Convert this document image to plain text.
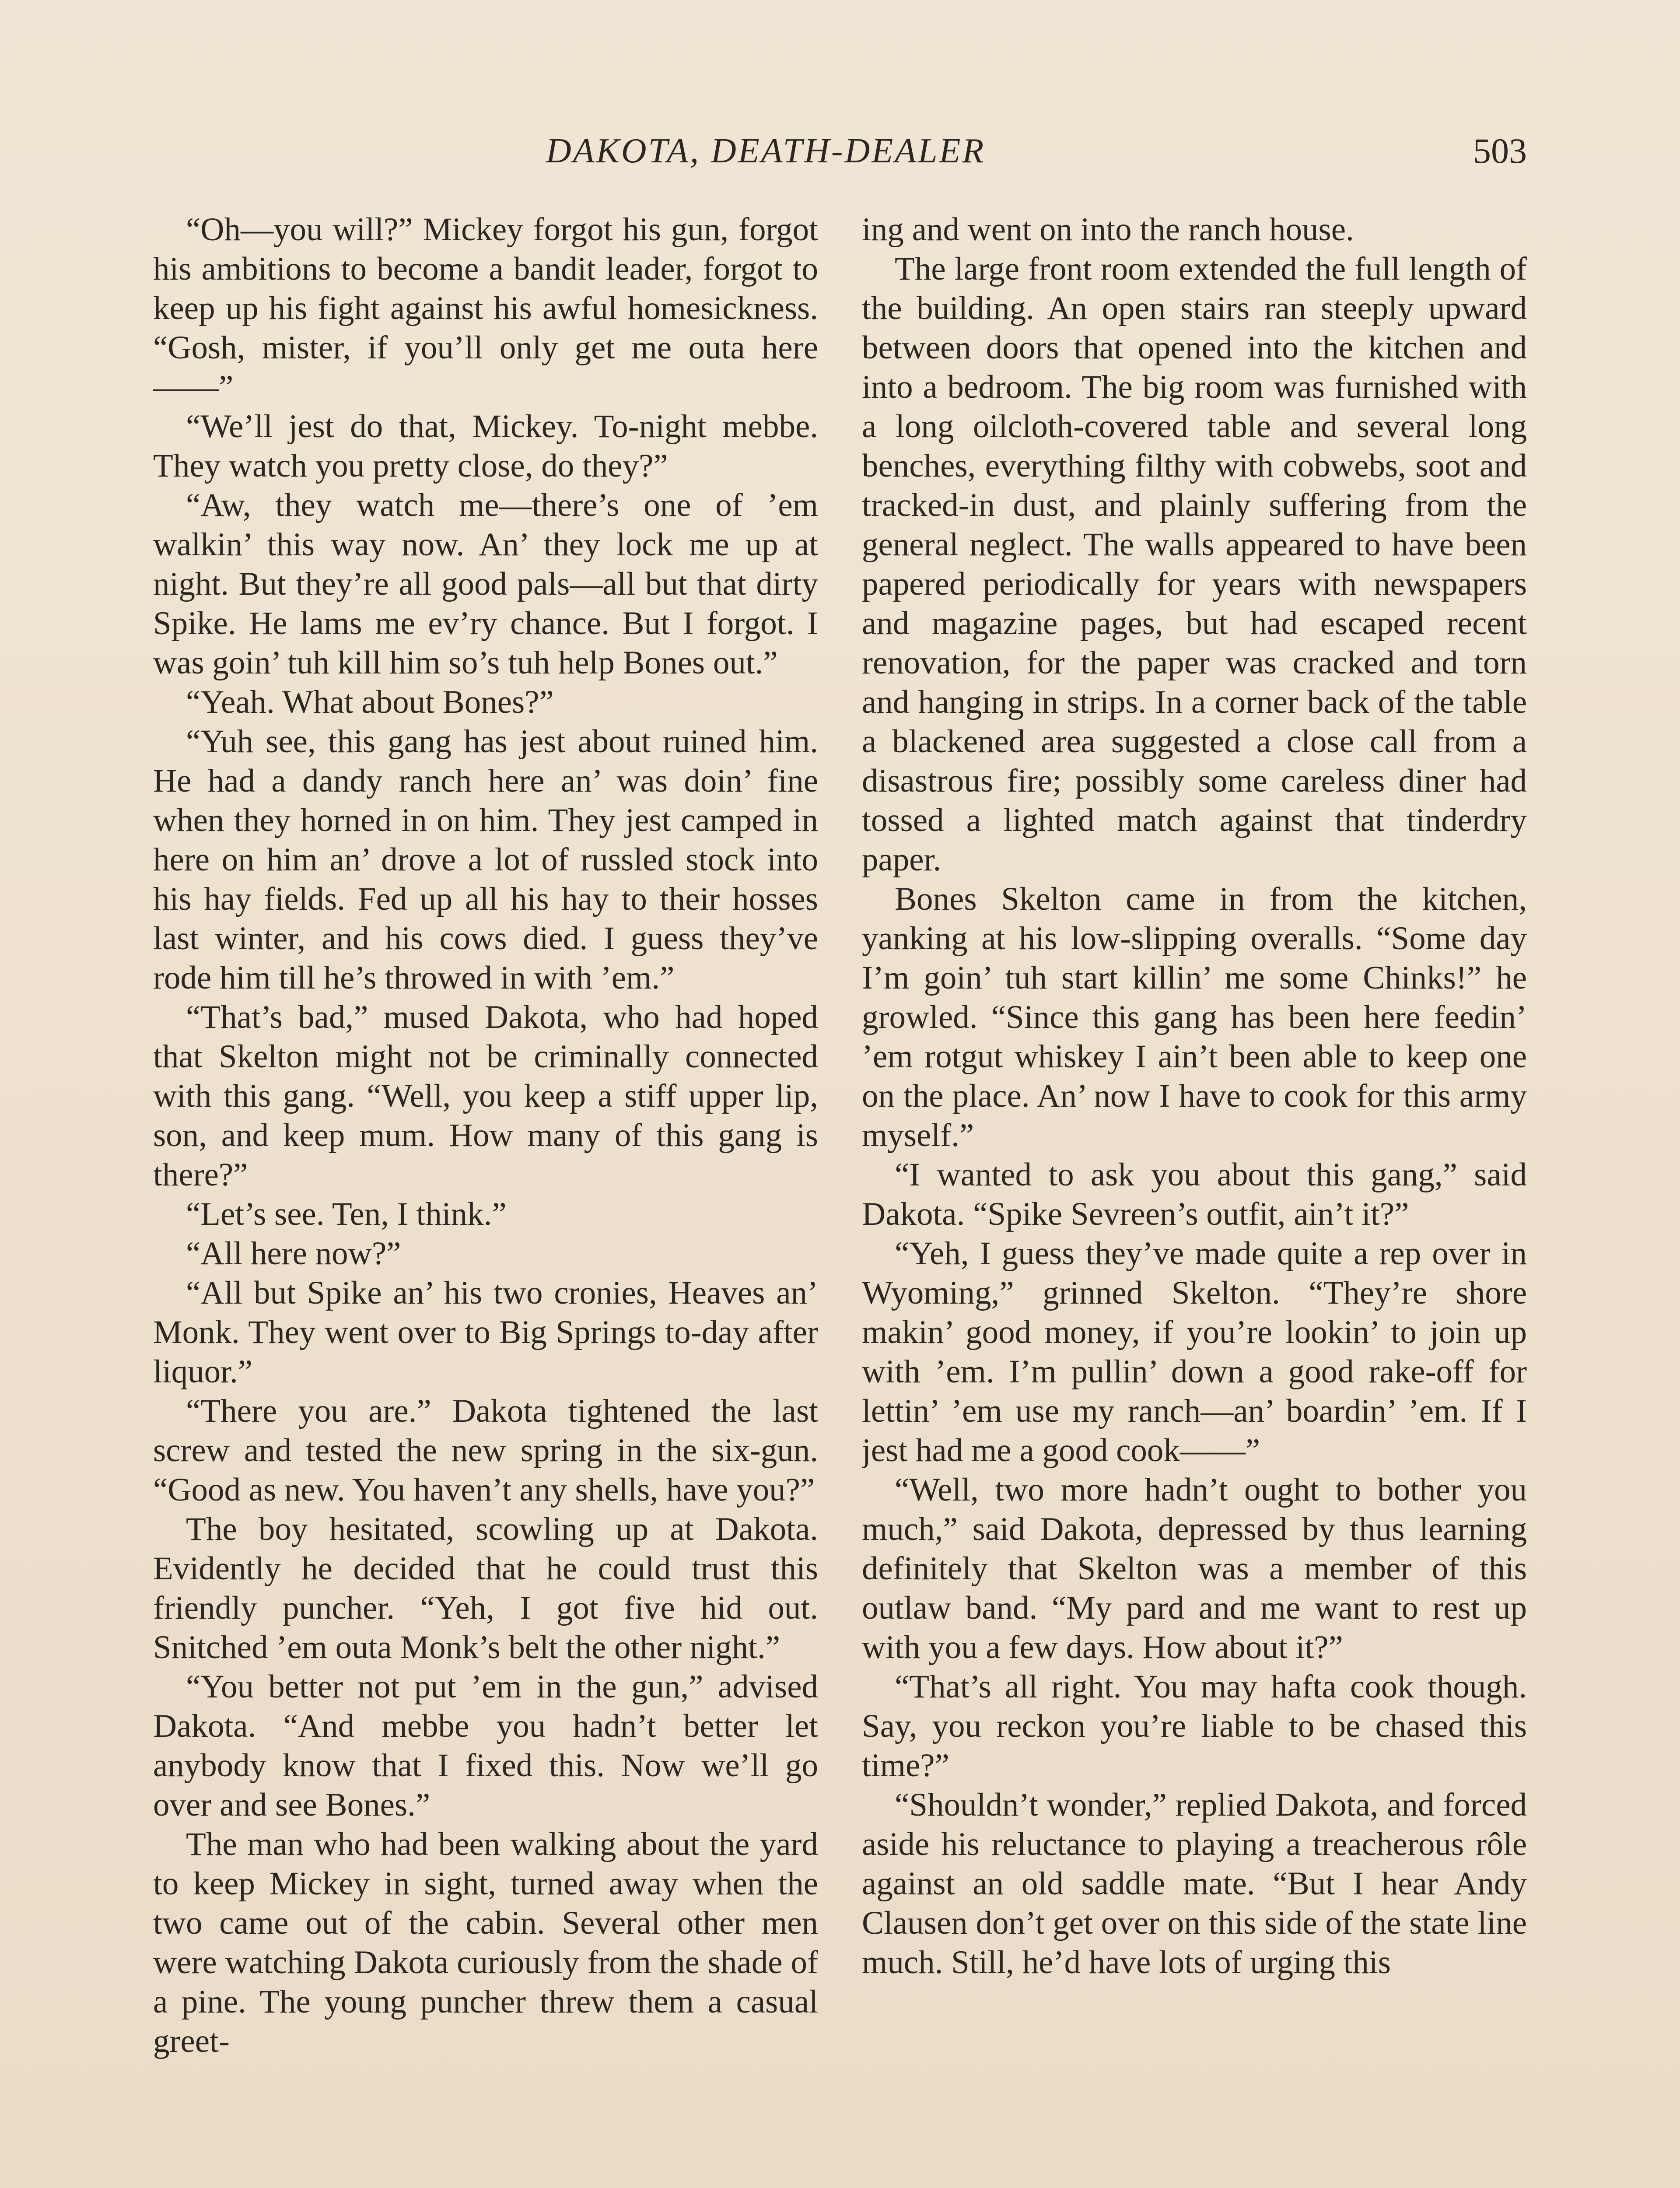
DAKOTA, DEATH-DEALER	503

“Oh—you will?” Mickey forgot his gun, forgot his ambitions to become a bandit leader, forgot to keep up his fight against his awful homesickness. “Gosh, mister, if you’ll only get me outa here——”

“We’ll jest do that, Mickey. To-night mebbe. They watch you pretty close, do they?”

“Aw, they watch me—there’s one of ’em walkin’ this way now. An’ they lock me up at night. But they’re all good pals—all but that dirty Spike. He lams me ev’ry chance. But I forgot. I was goin’ tuh kill him so’s tuh help Bones out.”

“Yeah. What about Bones?”

“Yuh see, this gang has jest about ruined him. He had a dandy ranch here an’ was doin’ fine when they horned in on him. They jest camped in here on him an’ drove a lot of russled stock into his hay fields. Fed up all his hay to their hosses last winter, and his cows died. I guess they’ve rode him till he’s throwed in with ’em.”

“That’s bad,” mused Dakota, who had hoped that Skelton might not be criminally connected with this gang. “Well, you keep a stiff upper lip, son, and keep mum. How many of this gang is there?”

“Let’s see. Ten, I think.”

“All here now?”

“All but Spike an’ his two cronies, Heaves an’ Monk. They went over to Big Springs to-day after liquor.”

“There you are.” Dakota tightened the last screw and tested the new spring in the six-gun. “Good as new. You haven’t any shells, have you?”

The boy hesitated, scowling up at Dakota. Evidently he decided that he could trust this friendly puncher. “Yeh, I got five hid out. Snitched ’em outa Monk’s belt the other night.”

“You better not put ’em in the gun,” advised Dakota. “And mebbe you hadn’t better let anybody know that I fixed this. Now we’ll go over and see Bones.”

The man who had been walking about the yard to keep Mickey in sight, turned away when the two came out of the cabin. Several other men were watching Dakota curiously from the shade of a pine. The young puncher threw them a casual greet-

ing and went on into the ranch house.

The large front room extended the full length of the building. An open stairs ran steeply upward between doors that opened into the kitchen and into a bedroom. The big room was furnished with a long oilcloth-covered table and several long benches, everything filthy with cobwebs, soot and tracked-in dust, and plainly suffering from the general neglect. The walls appeared to have been papered periodically for years with newspapers and magazine pages, but had escaped recent renovation, for the paper was cracked and torn and hanging in strips. In a corner back of the table a blackened area suggested a close call from a disastrous fire; possibly some careless diner had tossed a lighted match against that tinderdry paper.

Bones Skelton came in from the kitchen, yanking at his low-slipping overalls. “Some day I’m goin’ tuh start killin’ me some Chinks!” he growled. “Since this gang has been here feedin’ ’em rotgut whiskey I ain’t been able to keep one on the place. An’ now I have to cook for this army myself.”

“I wanted to ask you about this gang,” said Dakota. “Spike Sevreen’s outfit, ain’t it?”

“Yeh, I guess they’ve made quite a rep over in Wyoming,” grinned Skelton. “They’re shore makin’ good money, if you’re lookin’ to join up with ’em. I’m pullin’ down a good rake-off for lettin’ ’em use my ranch—an’ boardin’ ’em. If I jest had me a good cook——”

“Well, two more hadn’t ought to bother you much,” said Dakota, depressed by thus learning definitely that Skelton was a member of this outlaw band. “My pard and me want to rest up with you a few days. How about it?”

“That’s all right. You may hafta cook though. Say, you reckon you’re liable to be chased this time?”

“Shouldn’t wonder,” replied Dakota, and forced aside his reluctance to playing a treacherous rôle against an old saddle mate. “But I hear Andy Clausen don’t get over on this side of the state line much. Still, he’d have lots of urging this
